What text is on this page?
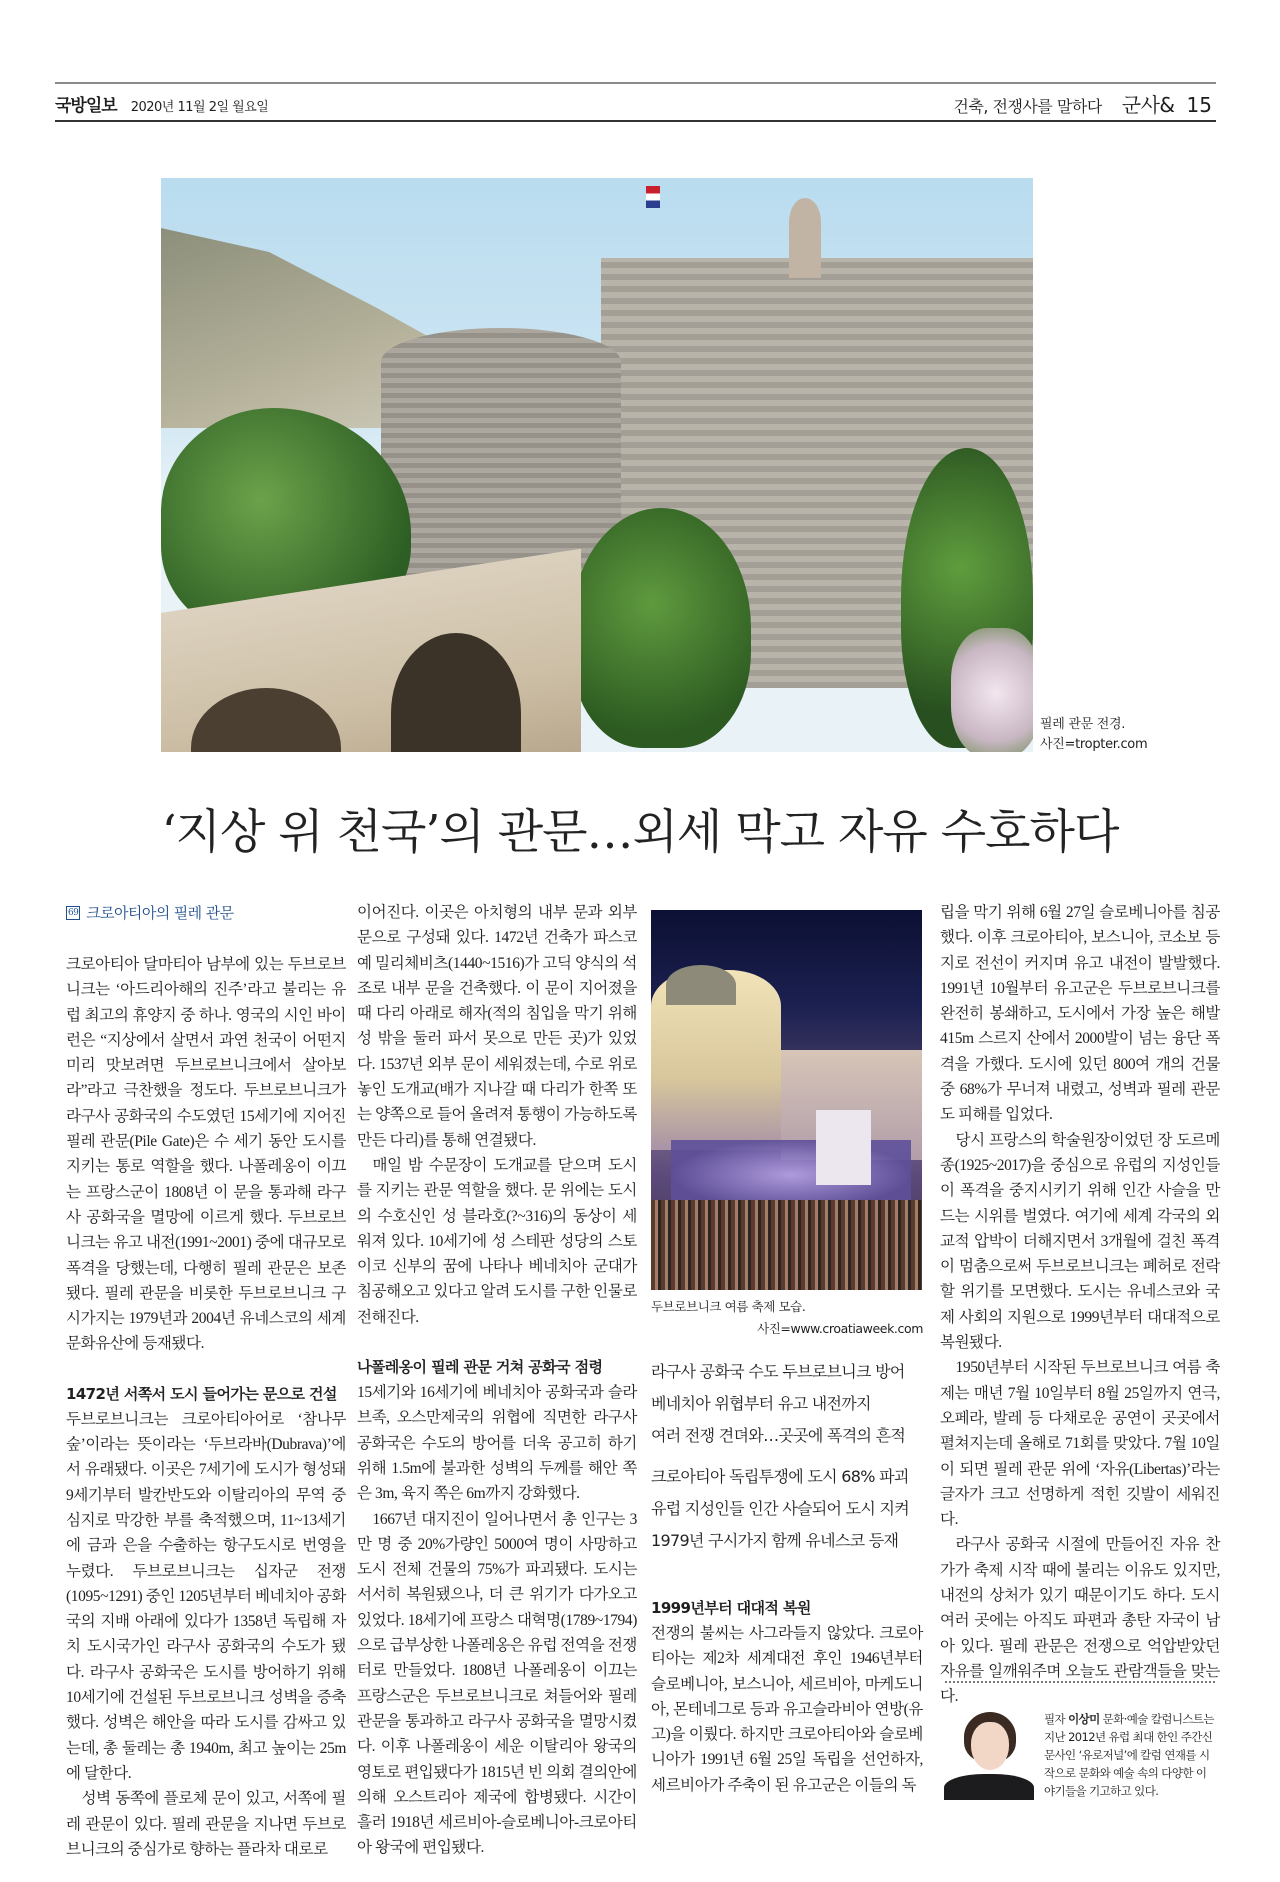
국방일보 2020년 11월 2일 월요일	건축, 전쟁사를 말하다 군사& 15
필레 관문 전경.
사진=tropter.com
‘지상 위 천국’의 관문…외세 막고 자유 수호하다
69 크로아티아의 필레 관문

크로아티아 달마티아 남부에 있는 두브로브니크는 ‘아드리아해의 진주’라고 불리는 유럽 최고의 휴양지 중 하나. 영국의 시인 바이런은 “지상에서 살면서 과연 천국이 어떤지 미리 맛보려면 두브로브니크에서 살아보라”라고 극찬했을 정도다. 두브로브니크가 라구사 공화국의 수도였던 15세기에 지어진 필레 관문(Pile Gate)은 수 세기 동안 도시를 지키는 통로 역할을 했다. 나폴레옹이 이끄는 프랑스군이 1808년 이 문을 통과해 라구사 공화국을 멸망에 이르게 했다. 두브로브니크는 유고 내전(1991~2001) 중에 대규모로 폭격을 당했는데, 다행히 필레 관문은 보존됐다. 필레 관문을 비롯한 두브로브니크 구시가지는 1979년과 2004년 유네스코의 세계문화유산에 등재됐다.

1472년 서쪽서 도시 들어가는 문으로 건설

두브로브니크는 크로아티아어로 ‘참나무 숲’이라는 뜻이라는 ‘두브라바(Dubrava)’에서 유래됐다. 이곳은 7세기에 도시가 형성돼 9세기부터 발칸반도와 이탈리아의 무역 중심지로 막강한 부를 축적했으며, 11~13세기에 금과 은을 수출하는 항구도시로 번영을 누렸다. 두브로브니크는 십자군 전쟁(1095~1291) 중인 1205년부터 베네치아 공화국의 지배 아래에 있다가 1358년 독립해 자치 도시국가인 라구사 공화국의 수도가 됐다. 라구사 공화국은 도시를 방어하기 위해 10세기에 건설된 두브로브니크 성벽을 증축했다. 성벽은 해안을 따라 도시를 감싸고 있는데, 총 둘레는 총 1940m, 최고 높이는 25m에 달한다.

성벽 동쪽에 플로체 문이 있고, 서쪽에 필레 관문이 있다. 필레 관문을 지나면 두브로브니크의 중심가로 향하는 플라차 대로로

이어진다. 이곳은 아치형의 내부 문과 외부 문으로 구성돼 있다. 1472년 건축가 파스코예 밀리체비츠(1440~1516)가 고딕 양식의 석조로 내부 문을 건축했다. 이 문이 지어졌을 때 다리 아래로 해자(적의 침입을 막기 위해 성 밖을 둘러 파서 못으로 만든 곳)가 있었다. 1537년 외부 문이 세워졌는데, 수로 위로 놓인 도개교(배가 지나갈 때 다리가 한쪽 또는 양쪽으로 들어 올려져 통행이 가능하도록 만든 다리)를 통해 연결됐다.

매일 밤 수문장이 도개교를 닫으며 도시를 지키는 관문 역할을 했다. 문 위에는 도시의 수호신인 성 블라호(?~316)의 동상이 세워져 있다. 10세기에 성 스테판 성당의 스토이코 신부의 꿈에 나타나 베네치아 군대가 침공해오고 있다고 알려 도시를 구한 인물로 전해진다.

나폴레옹이 필레 관문 거쳐 공화국 점령

15세기와 16세기에 베네치아 공화국과 슬라브족, 오스만제국의 위협에 직면한 라구사 공화국은 수도의 방어를 더욱 공고히 하기 위해 1.5m에 불과한 성벽의 두께를 해안 쪽은 3m, 육지 쪽은 6m까지 강화했다.

1667년 대지진이 일어나면서 총 인구는 3만 명 중 20%가량인 5000여 명이 사망하고 도시 전체 건물의 75%가 파괴됐다. 도시는 서서히 복원됐으나, 더 큰 위기가 다가오고 있었다. 18세기에 프랑스 대혁명(1789~1794)으로 급부상한 나폴레옹은 유럽 전역을 전쟁터로 만들었다. 1808년 나폴레옹이 이끄는 프랑스군은 두브로브니크로 쳐들어와 필레 관문을 통과하고 라구사 공화국을 멸망시켰다. 이후 나폴레옹이 세운 이탈리아 왕국의 영토로 편입됐다가 1815년 빈 의회 결의안에 의해 오스트리아 제국에 합병됐다. 시간이 흘러 1918년 세르비아-슬로베니아-크로아티아 왕국에 편입됐다.

두브로브니크 여름 축제 모습.
사진=www.croatiaweek.com
라구사 공화국 수도 두브로브니크 방어
베네치아 위협부터 유고 내전까지
여러 전쟁 견뎌와…곳곳에 폭격의 흔적
크로아티아 독립투쟁에 도시 68% 파괴
유럽 지성인들 인간 사슬되어 도시 지켜
1979년 구시가지 함께 유네스코 등재
1999년부터 대대적 복원

전쟁의 불씨는 사그라들지 않았다. 크로아티아는 제2차 세계대전 후인 1946년부터 슬로베니아, 보스니아, 세르비아, 마케도니아, 몬테네그로 등과 유고슬라비아 연방(유고)을 이뤘다. 하지만 크로아티아와 슬로베니아가 1991년 6월 25일 독립을 선언하자, 세르비아가 주축이 된 유고군은 이들의 독

립을 막기 위해 6월 27일 슬로베니아를 침공했다. 이후 크로아티아, 보스니아, 코소보 등지로 전선이 커지며 유고 내전이 발발했다. 1991년 10월부터 유고군은 두브로브니크를 완전히 봉쇄하고, 도시에서 가장 높은 해발 415m 스르지 산에서 2000발이 넘는 융단 폭격을 가했다. 도시에 있던 800여 개의 건물 중 68%가 무너져 내렸고, 성벽과 필레 관문도 피해를 입었다.

당시 프랑스의 학술원장이었던 장 도르메종(1925~2017)을 중심으로 유럽의 지성인들이 폭격을 중지시키기 위해 인간 사슬을 만드는 시위를 벌였다. 여기에 세계 각국의 외교적 압박이 더해지면서 3개월에 걸친 폭격이 멈춤으로써 두브로브니크는 폐허로 전락할 위기를 모면했다. 도시는 유네스코와 국제 사회의 지원으로 1999년부터 대대적으로 복원됐다.

1950년부터 시작된 두브로브니크 여름 축제는 매년 7월 10일부터 8월 25일까지 연극, 오페라, 발레 등 다채로운 공연이 곳곳에서 펼쳐지는데 올해로 71회를 맞았다. 7월 10일이 되면 필레 관문 위에 ‘자유(Libertas)’라는 글자가 크고 선명하게 적힌 깃발이 세워진다.

라구사 공화국 시절에 만들어진 자유 찬가가 축제 시작 때에 불리는 이유도 있지만, 내전의 상처가 있기 때문이기도 하다. 도시 여러 곳에는 아직도 파편과 총탄 자국이 남아 있다. 필레 관문은 전쟁으로 억압받았던 자유를 일깨워주며 오늘도 관람객들을 맞는다.

필자 이상미 문화·예술 칼럼니스트는 지난 2012년 유럽 최대 한인 주간신문사인 ‘유로저널’에 칼럼 연재를 시작으로 문화와 예술 속의 다양한 이야기들을 기고하고 있다.
